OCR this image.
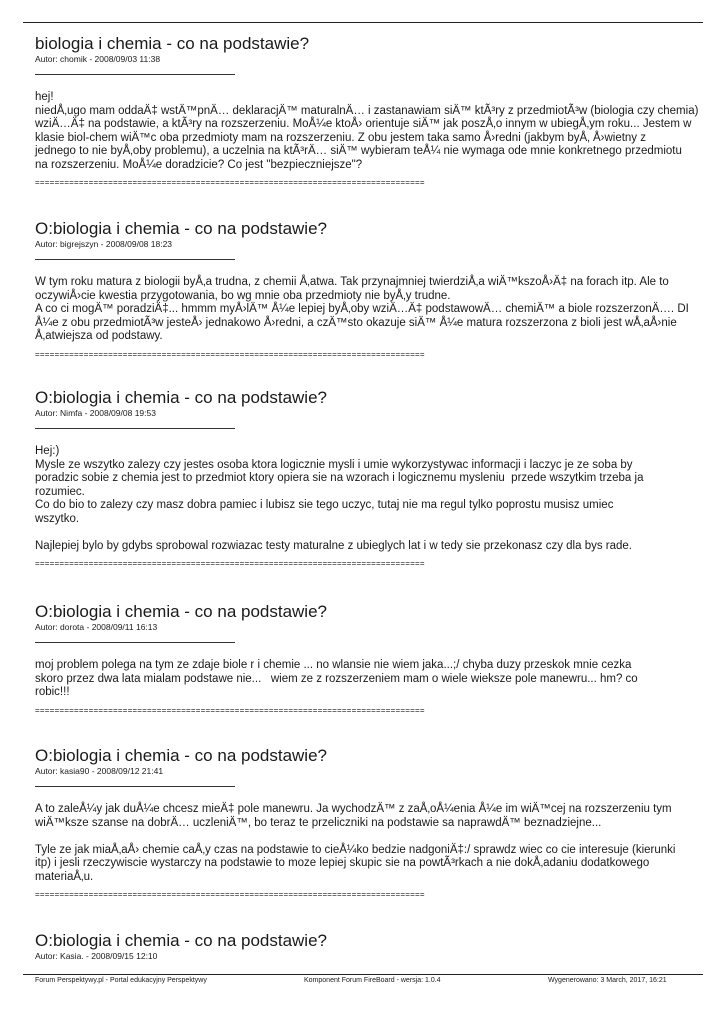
biologia i chemia - co na podstawie?
Autor: chomik - 2008/09/03 11:38
hej!
niedÅ‚ugo mam oddaÄ‡ wstÄ™pnÄ… deklaracjÄ™ maturalnÄ… i zastanawiam siÄ™ ktÃ³ry z przedmiotÃ³w (biologia czy chemia)
wziÄ…Ä‡ na podstawie, a ktÃ³ry na rozszerzeniu. MoÅ¼e ktoÅ› orientuje siÄ™ jak poszÅ‚o innym w ubiegÅ‚ym roku... Jestem w
klasie biol-chem wiÄ™c oba przedmioty mam na rozszerzeniu. Z obu jestem taka samo Å›redni (jakbym byÅ‚ Å›wietny z
jednego to nie byÅ‚oby problemu), a uczelnia na ktÃ³rÄ… siÄ™ wybieram teÅ¼ nie wymaga ode mnie konkretnego przedmiotu
na rozszerzeniu. MoÅ¼e doradzicie? Co jest "bezpieczniejsze"?
================================================================================
O:biologia i chemia - co na podstawie?
Autor: bigrejszyn - 2008/09/08 18:23
W tym roku matura z biologii byÅ‚a trudna, z chemii Å‚atwa. Tak przynajmniej twierdziÅ‚a wiÄ™kszoÅ›Ä‡ na forach itp. Ale to
oczywiÅ›cie kwestia przygotowania, bo wg mnie oba przedmioty nie byÅ‚y trudne.
A co ci mogÄ™ poradziÄ‡... hmmm myÅ›lÄ™ Å¼e lepiej byÅ‚oby wziÄ…Ä‡ podstawowÄ… chemiÄ™ a biole rozszerzonÄ…. DI
Å¼e z obu przedmiotÃ³w jesteÅ› jednakowo Å›redni, a czÄ™sto okazuje siÄ™ Å¼e matura rozszerzona z bioli jest wÅ‚aÅ›nie
Å‚atwiejsza od podstawy.
================================================================================
O:biologia i chemia - co na podstawie?
Autor: Nimfa - 2008/09/08 19:53
Hej:)
Mysle ze wszytko zalezy czy jestes osoba ktora logicznie mysli i umie wykorzystywac informacji i laczyc je ze soba by
poradzic sobie z chemia jest to przedmiot ktory opiera sie na wzorach i logicznemu mysleniu  przede wszytkim trzeba ja
rozumiec.
Co do bio to zalezy czy masz dobra pamiec i lubisz sie tego uczyc, tutaj nie ma regul tylko poprostu musisz umiec
wszytko.

Najlepiej bylo by gdybs sprobowal rozwiazac testy maturalne z ubieglych lat i w tedy sie przekonasz czy dla bys rade.
================================================================================
O:biologia i chemia - co na podstawie?
Autor: dorota - 2008/09/11 16:13
moj problem polega na tym ze zdaje biole r i chemie ... no wlansie nie wiem jaka...;/ chyba duzy przeskok mnie cezka
skoro przez dwa lata mialam podstawe nie...   wiem ze z rozszerzeniem mam o wiele wieksze pole manewru... hm? co
robic!!!
================================================================================
O:biologia i chemia - co na podstawie?
Autor: kasia90 - 2008/09/12 21:41
A to zaleÅ¼y jak duÅ¼e chcesz mieÄ‡ pole manewru. Ja wychodzÄ™ z zaÅ‚oÅ¼enia Å¼e im wiÄ™cej na rozszerzeniu tym
wiÄ™ksze szanse na dobrÄ… uczleniÄ™, bo teraz te przeliczniki na podstawie sa naprawdÄ™ beznadziejne...

Tyle ze jak miaÅ‚aÅ› chemie caÅ‚y czas na podstawie to cieÅ¼ko bedzie nadgoniÄ‡:/ sprawdz wiec co cie interesuje (kierunki
itp) i jesli rzeczywiscie wystarczy na podstawie to moze lepiej skupic sie na powtÃ³rkach a nie dokÅ‚adaniu dodatkowego
materiaÅ‚u.
================================================================================
O:biologia i chemia - co na podstawie?
Autor: Kasia. - 2008/09/15 12:10
Forum Perspektywy.pl - Portal edukacyjny Perspektywy	Komponent Forum FireBoard - wersja: 1.0.4	Wygenerowano: 3 March, 2017, 16:21
